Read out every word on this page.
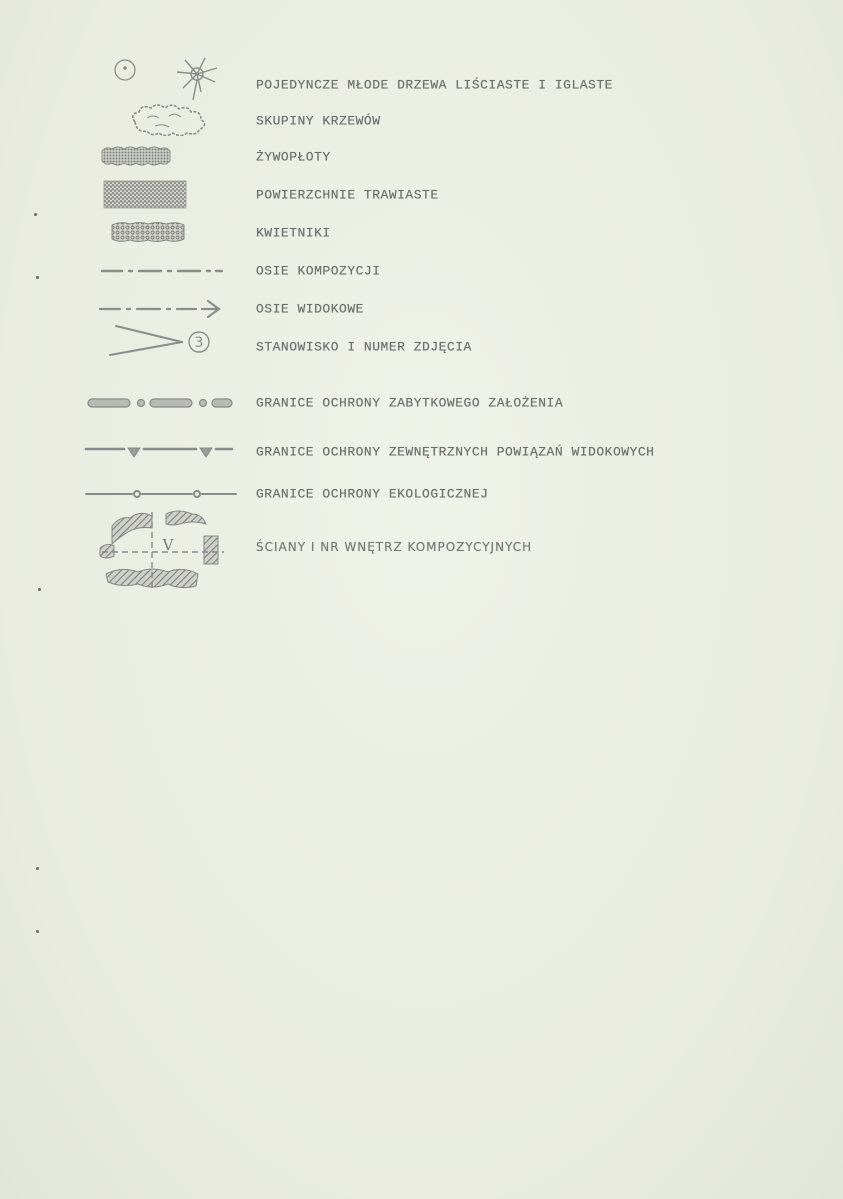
POJEDYNCZE MŁODE DRZEWA LIŚCIASTE I IGLASTE
SKUPINY KRZEWÓW
ŻYWOPŁOTY
POWIERZCHNIE TRAWIASTE
KWIETNIKI
OSIE KOMPOZYCJI
OSIE WIDOKOWE
3	STANOWISKO I NUMER ZDJĘCIA
GRANICE OCHRONY ZABYTKOWEGO ZAŁOŻENIA
GRANICE OCHRONY ZEWNĘTRZNYCH POWIĄZAŃ WIDOKOWYCH
GRANICE OCHRONY EKOLOGICZNEJ
V	ŚCIANY I NR WNĘTRZ KOMPOZYCYJNYCH
